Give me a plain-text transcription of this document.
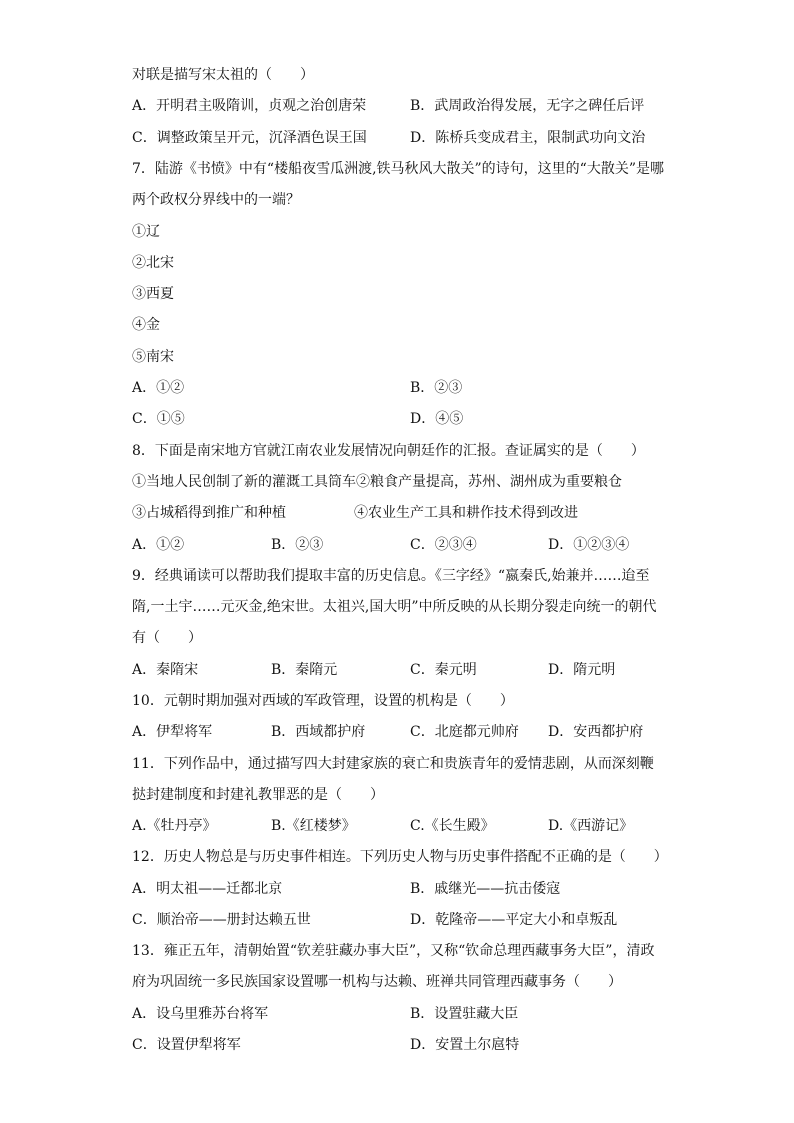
对联是描写宋太祖的（　　）
A．开明君主吸隋训，贞观之治创唐荣	B．武周政治得发展，无字之碑任后评
C．调整政策呈开元，沉泽酒色误王国	D．陈桥兵变成君主，限制武功向文治
7．陆游《书愤》中有“楼船夜雪瓜洲渡,铁马秋风大散关”的诗句，这里的“大散关”是哪
两个政权分界线中的一端？
①辽
②北宋
③西夏
④金
⑤南宋
A．①②	B．②③
C．①⑤	D．④⑤
8．下面是南宋地方官就江南农业发展情况向朝廷作的汇报。查证属实的是（　　）
①当地人民创制了新的灌溉工具筒车②粮食产量提高，苏州、湖州成为重要粮仓
③占城稻得到推广和种植	④农业生产工具和耕作技术得到改进
A．①②	B．②③	C．②③④	D．①②③④
9．经典诵读可以帮助我们提取丰富的历史信息。《三字经》“嬴秦氏,始兼并……迨至
隋,一土宇……元灭金,绝宋世。太祖兴,国大明”中所反映的从长期分裂走向统一的朝代
有（　　）
A．秦隋宋	B．秦隋元	C．秦元明	D．隋元明
10．元朝时期加强对西域的军政管理，设置的机构是（　　）
A．伊犁将军	B．西域都护府	C．北庭都元帅府 D．安西都护府
11．下列作品中，通过描写四大封建家族的衰亡和贵族青年的爱情悲剧，从而深刻鞭
挞封建制度和封建礼教罪恶的是（　　）
A.《牡丹亭》	B.《红楼梦》	C.《长生殿》	D.《西游记》
12．历史人物总是与历史事件相连。下列历史人物与历史事件搭配不正确的是（　　）
A．明太祖——迁都北京	B．戚继光——抗击倭寇
C．顺治帝——册封达赖五世	D．乾隆帝——平定大小和卓叛乱
13．雍正五年，清朝始置“钦差驻藏办事大臣”，又称“钦命总理西藏事务大臣”，清政
府为巩固统一多民族国家设置哪一机构与达赖、班禅共同管理西藏事务（　　）
A．设乌里雅苏台将军	B．设置驻藏大臣
C．设置伊犁将军	D．安置土尔扈特
